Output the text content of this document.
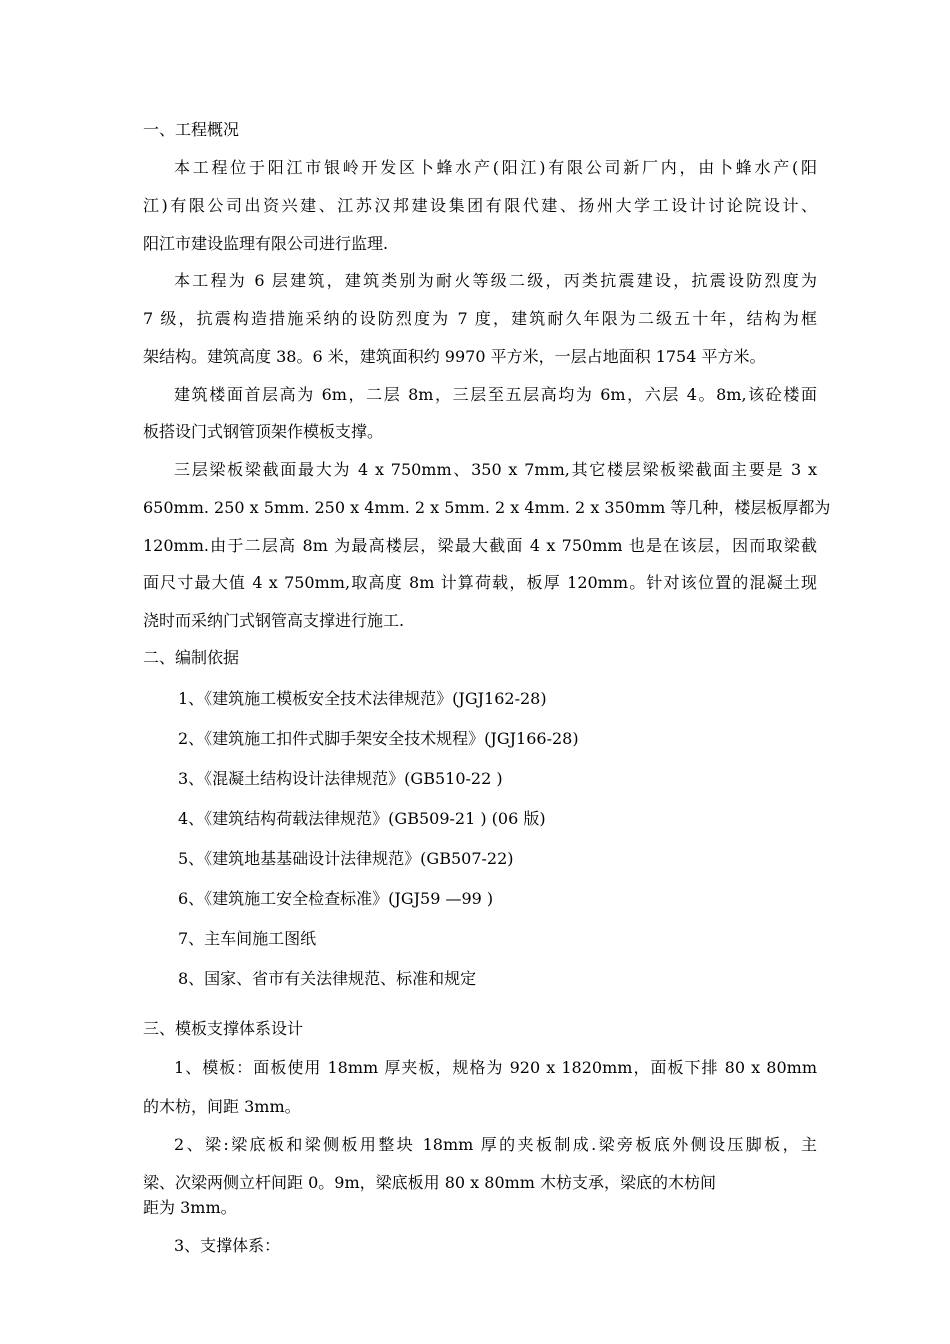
一、工程概况
本工程位于阳江市银岭开发区卜蜂水产(阳江)有限公司新厂内，由卜蜂水产(阳
江)有限公司出资兴建、江苏汉邦建设集团有限代建、扬州大学工设计讨论院设计、
阳江市建设监理有限公司进行监理.
本工程为 6 层建筑，建筑类别为耐火等级二级，丙类抗震建设，抗震设防烈度为
7 级，抗震构造措施采纳的设防烈度为 7 度，建筑耐久年限为二级五十年，结构为框
架结构。建筑高度 38。6 米，建筑面积约 9970 平方米，一层占地面积 1754 平方米。
建筑楼面首层高为 6m，二层 8m，三层至五层高均为 6m，六层 4。8m,该砼楼面
板搭设门式钢管顶架作模板支撑。
三层梁板梁截面最大为 4 x 750mm、350 x 7mm,其它楼层梁板梁截面主要是 3 x
650mm. 250 x 5mm. 250 x 4mm. 2 x 5mm. 2 x 4mm. 2 x 350mm 等几种，楼层板厚都为
120mm.由于二层高 8m 为最高楼层，梁最大截面 4 x 750mm 也是在该层，因而取梁截
面尺寸最大值 4 x 750mm,取高度 8m 计算荷载，板厚 120mm。针对该位置的混凝土现
浇时而采纳门式钢管高支撑进行施工.
二、编制依据
1、《建筑施工模板安全技术法律规范》(JGJ162-28)
2、《建筑施工扣件式脚手架安全技术规程》(JGJ166-28)
3、《混凝土结构设计法律规范》(GB510-22 )
4、《建筑结构荷载法律规范》(GB509-21 ) (06 版)
5、《建筑地基基础设计法律规范》(GB507-22)
6、《建筑施工安全检查标准》(JGJ59 —99 )
7、主车间施工图纸
8、国家、省市有关法律规范、标准和规定
三、模板支撑体系设计
1、模板：面板使用 18mm 厚夹板，规格为 920 x 1820mm，面板下排 80 x 80mm
的木枋，间距 3mm。
2、梁:梁底板和梁侧板用整块 18mm 厚的夹板制成.梁旁板底外侧设压脚板，主
梁、次梁两侧立杆间距 0。9m，梁底板用 80 x 80mm 木枋支承，梁底的木枋间
距为 3mm。
3、支撑体系：
